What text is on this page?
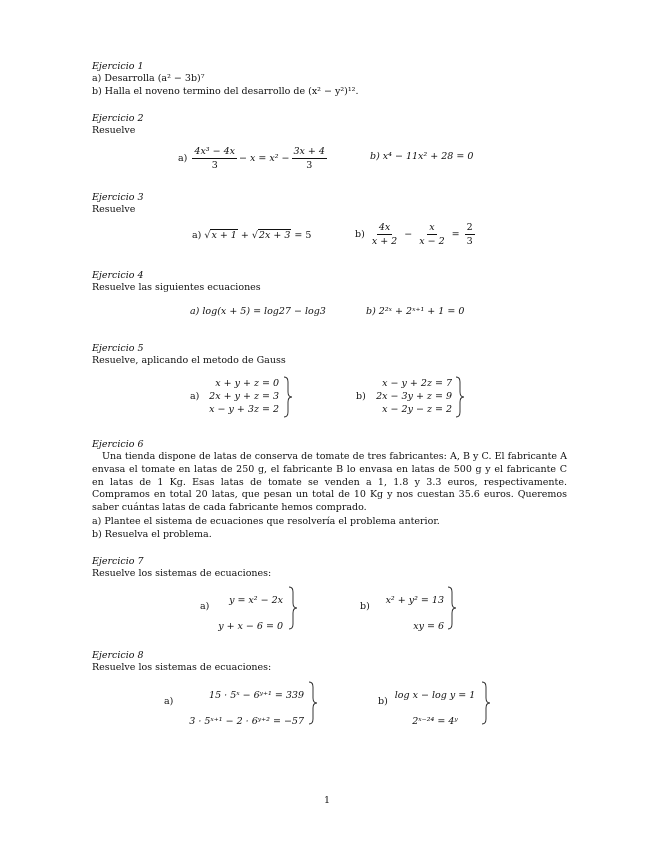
Ejercicio 1
a) Desarrolla (a² − 3b)⁷
b) Halla el noveno termino del desarrollo de (x² − y²)¹².
Ejercicio 2
Resuelve
a)
$\frac{\text{4x³ − 4x}}{3} - x = x^2 - \frac{3x + 4}{3}$	b) x⁴ − 11x² + 28 = 0
Ejercicio 3
Resuelve
a) √x + 1 + √2x + 3 = 5	b)
$\frac{4x}{x + 2} - \frac{x}{x - 2} = \frac{2}{3}$
Ejercicio 4
Resuelve las siguientes ecuaciones
a) log(x + 5) = log27 − log3	b) 2²ˣ + 2ˣ⁺¹ + 1 = 0
Ejercicio 5
Resuelve, aplicando el metodo de Gauss
a)
x + y + z = 0
2x + y + z = 3
x − y + 3z = 2
b)
x − y + 2z = 7
2x − 3y + z = 9
x − 2y − z = 2
Ejercicio 6
Una tienda dispone de latas de conserva de tomate de tres fabricantes: A, B y C. El fabricante A envasa el tomate en latas de 250 g, el fabricante B lo envasa en latas de 500 g y el fabricante C en latas de 1 Kg. Esas latas de tomate se venden a 1, 1.8 y 3.3 euros, respectivamente. Compramos en total 20 latas, que pesan un total de 10 Kg y nos cuestan 35.6 euros. Queremos saber cuántas latas de cada fabricante hemos comprado.
a) Plantee el sistema de ecuaciones que resolvería el problema anterior.
b) Resuelva el problema.
Ejercicio 7
Resuelve los sistemas de ecuaciones:
a)
y = x² − 2x
y + x − 6 = 0
b)
x² + y² = 13
xy = 6
Ejercicio 8
Resuelve los sistemas de ecuaciones:
a)
15 · 5ˣ − 6ʸ⁺¹ = 339
3 · 5ˣ⁺¹ − 2 · 6ʸ⁺² = −57
b)
log x − log y = 1
2ˣ⁻²⁴ = 4ʸ
1
